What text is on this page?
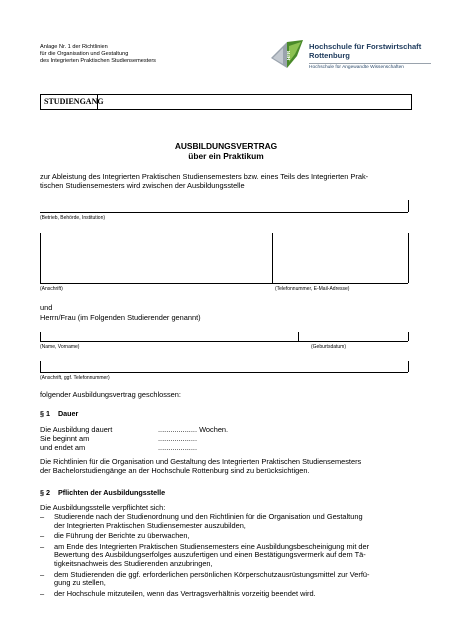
Anlage Nr. 1 der Richtlinien
für die Organisation und Gestaltung
des Integrierten Praktischen Studiensemesters
HFR
Hochschule für Forstwirtschaft
Rottenburg
Hochschule für Angewandte Wissenschaften
STUDIENGANG
AUSBILDUNGSVERTRAG
über ein Praktikum
zur Ableistung des Integrierten Praktischen Studiensemesters bzw. eines Teils des Integrierten Prak-
tischen Studiensemesters wird zwischen der Ausbildungsstelle
(Betrieb, Behörde, Institution)
(Anschrift)	(Telefonnummer, E-Mail-Adresse)
und
Herrn/Frau (im Folgenden Studierender genannt)
(Name, Vorname)	(Geburtsdatum)
(Anschrift, ggf. Telefonnummer)
folgender Ausbildungsvertrag geschlossen:
§ 1    Dauer
Die Ausbildung dauert	................... Wochen.
Sie beginnt am	...................
und endet am	...................
Die Richtlinien für die Organisation und Gestaltung des Integrierten Praktischen Studiensemesters
der Bachelorstudiengänge an der Hochschule Rottenburg sind zu berücksichtigen.
§ 2    Pflichten der Ausbildungsstelle
Die Ausbildungsstelle verpflichtet sich:
– Studierende nach der Studienordnung und den Richtlinien für die Organisation und Gestaltung
der Integrierten Praktischen Studiensemester auszubilden,
– die Führung der Berichte zu überwachen,
– am Ende des Integrierten Praktischen Studiensemesters eine Ausbildungsbescheinigung mit der
Bewertung des Ausbildungserfolges auszufertigen und einen Bestätigungsvermerk auf dem Tä-
tigkeitsnachweis des Studierenden anzubringen,
– dem Studierenden die ggf. erforderlichen persönlichen Körperschutzausrüstungsmittel zur Verfü-
gung zu stellen,
– der Hochschule mitzuteilen, wenn das Vertragsverhältnis vorzeitig beendet wird.
